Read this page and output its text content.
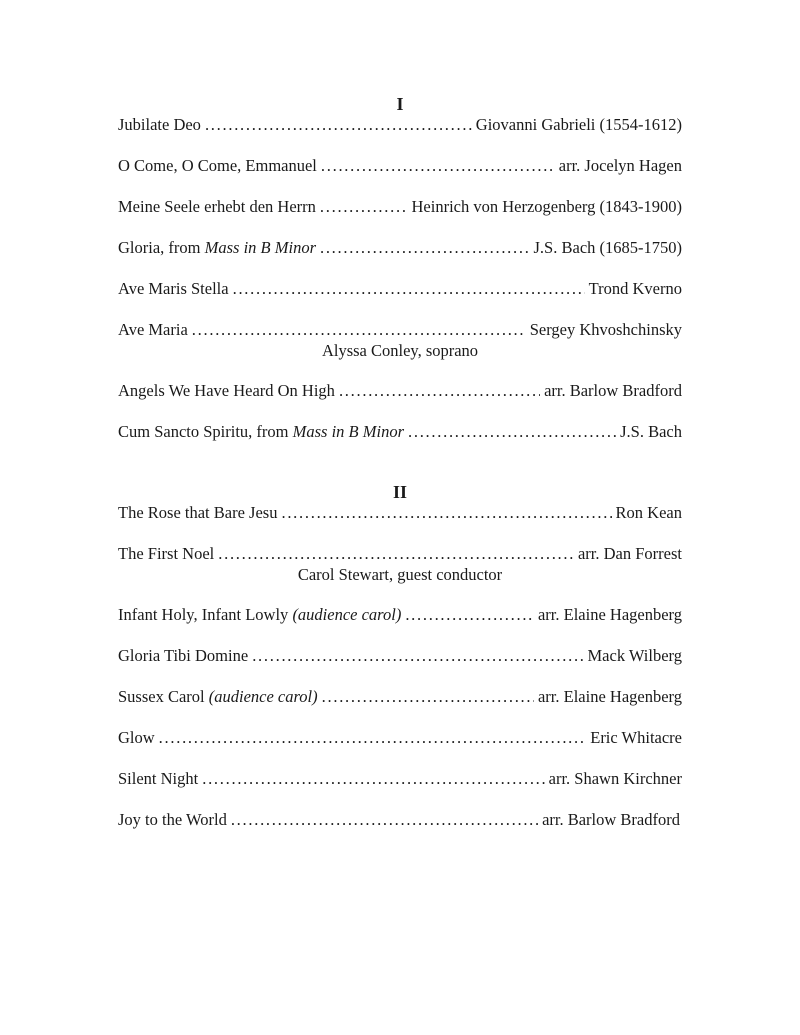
I
Jubilate Deo . . .	Giovanni Gabrieli (1554-1612)
O Come, O Come, Emmanuel . . .	arr. Jocelyn Hagen
Meine Seele erhebt den Herrn . . .	Heinrich von Herzogenberg (1843-1900)
Gloria, from Mass in B Minor . . .	J.S. Bach (1685-1750)
Ave Maris Stella . . .	Trond Kverno
Ave Maria . . .	Sergey Khvoshchinsky
Alyssa Conley, soprano
Angels We Have Heard On High . . .	arr. Barlow Bradford
Cum Sancto Spiritu, from Mass in B Minor . . .	J.S. Bach
II
The Rose that Bare Jesu . . .	Ron Kean
The First Noel . . .	arr. Dan Forrest
Carol Stewart, guest conductor
Infant Holy, Infant Lowly (audience carol) . . .	arr. Elaine Hagenberg
Gloria Tibi Domine . . .	Mack Wilberg
Sussex Carol (audience carol) . . .	arr. Elaine Hagenberg
Glow . . .	Eric Whitacre
Silent Night . . .	arr. Shawn Kirchner
Joy to the World . . .	arr. Barlow Bradford
